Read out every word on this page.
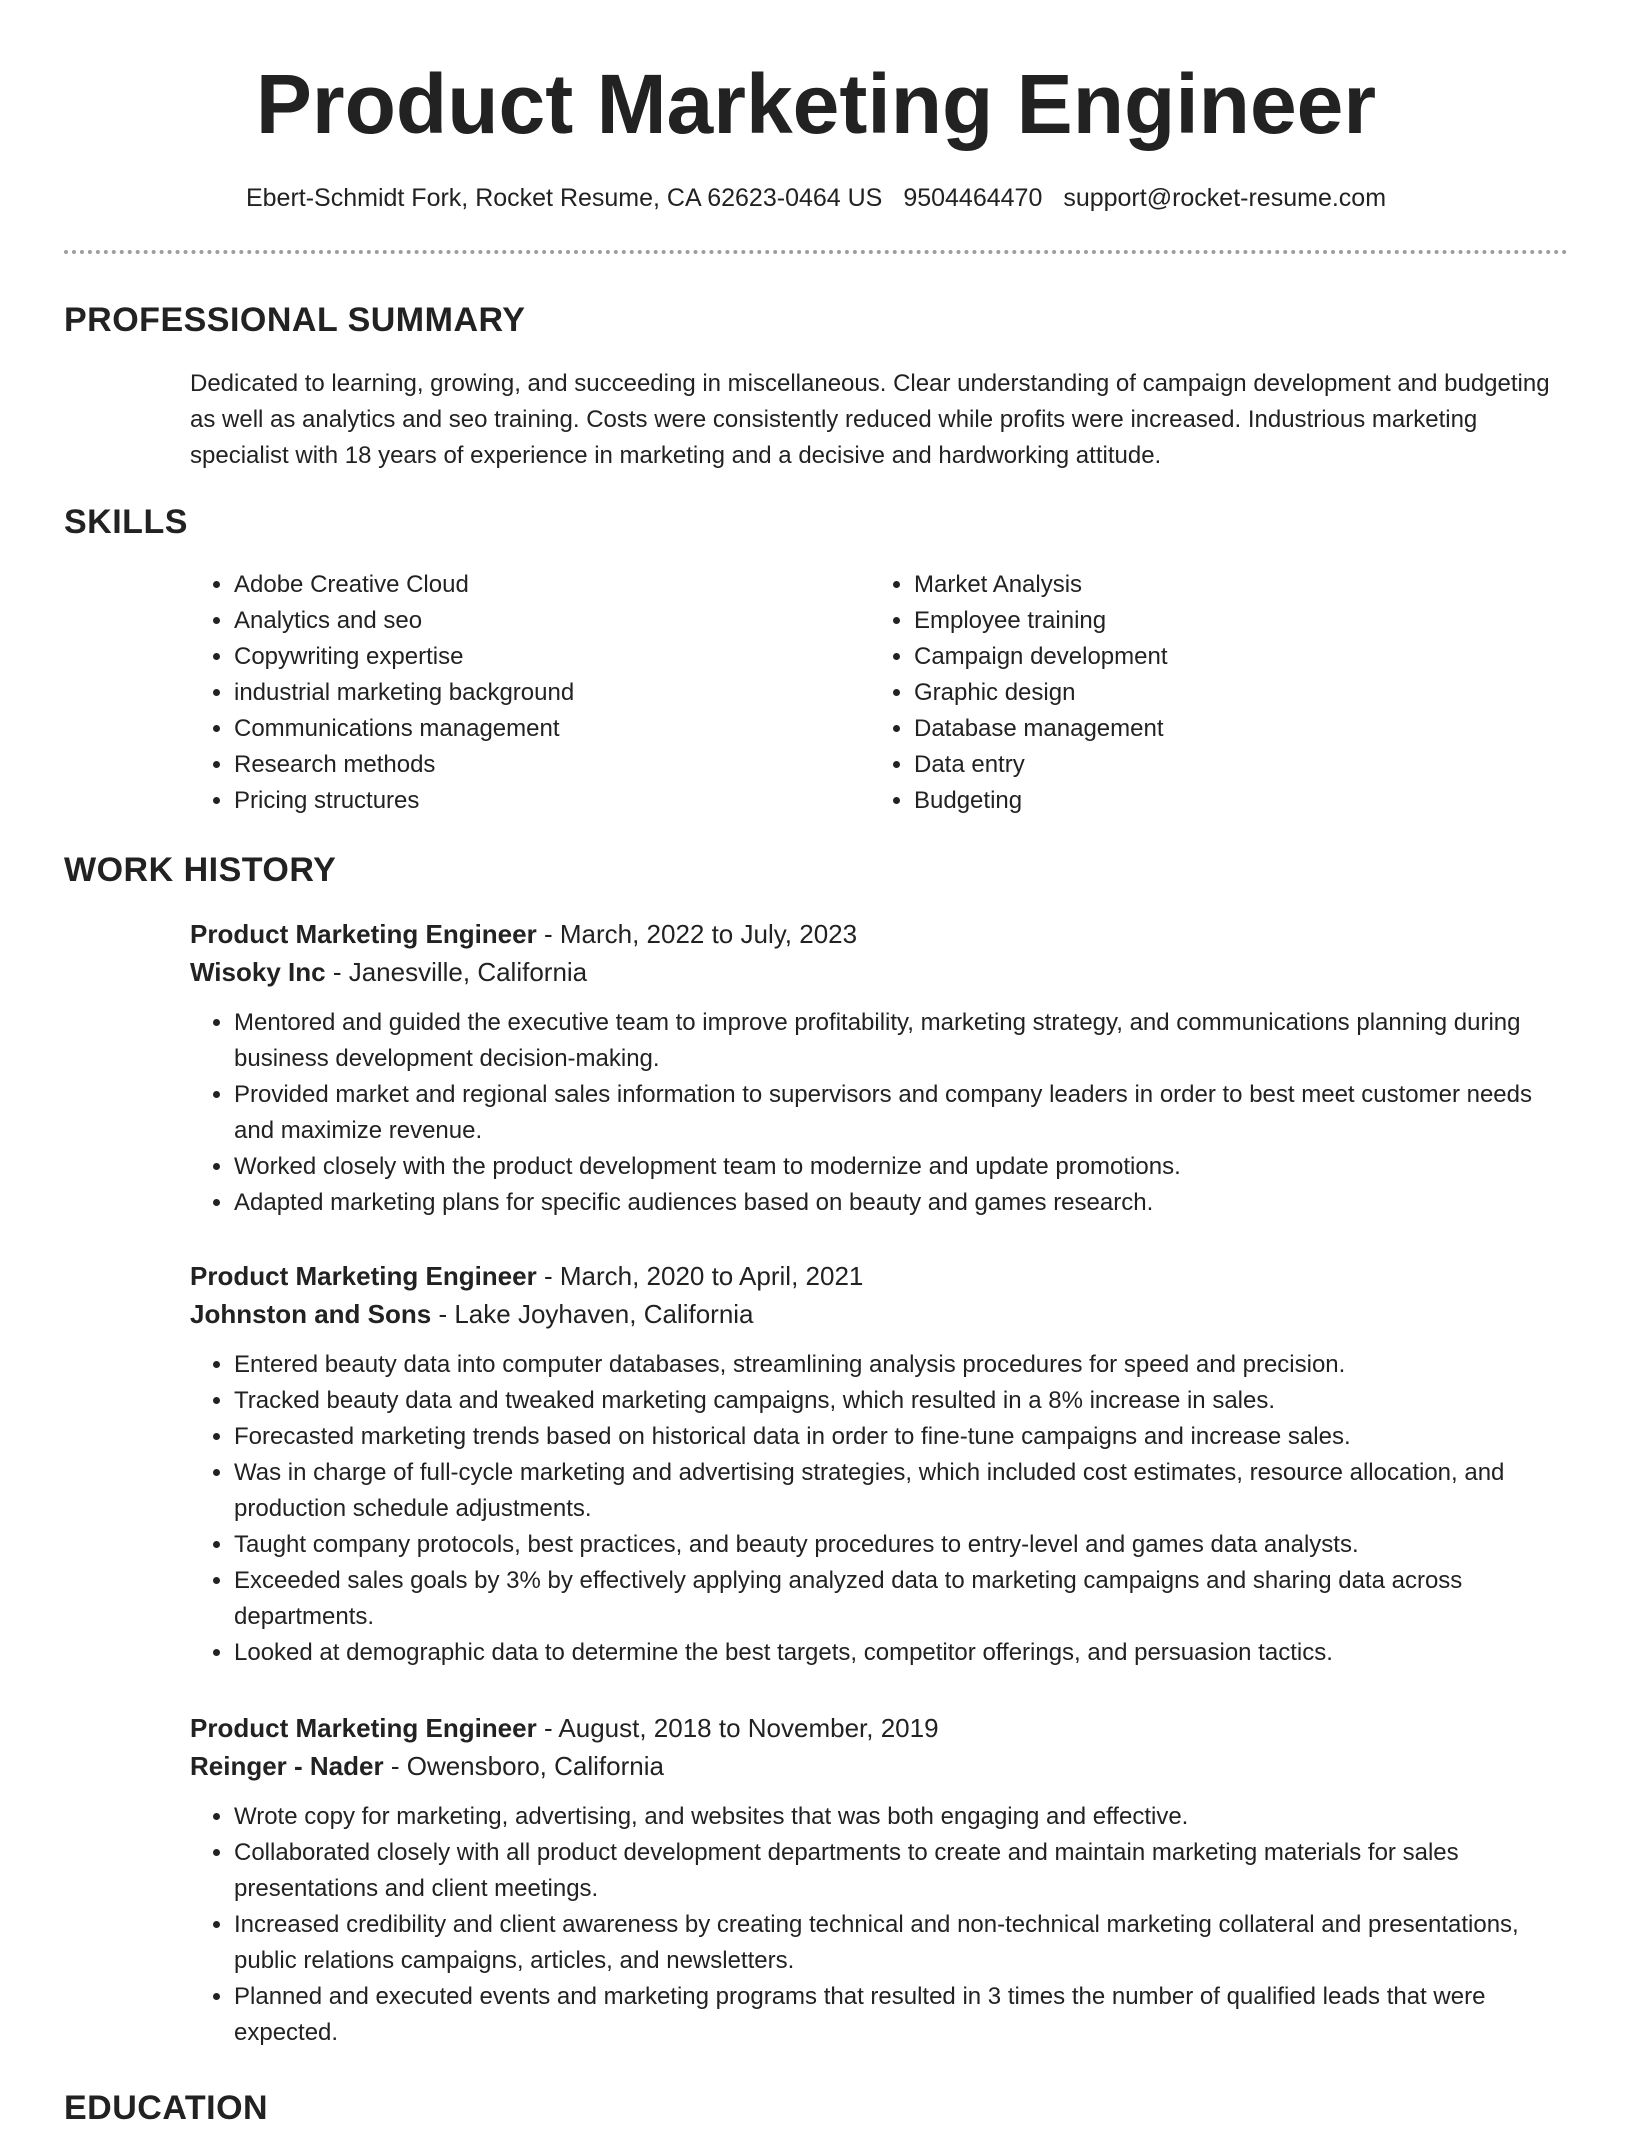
Product Marketing Engineer
Ebert-Schmidt Fork, Rocket Resume, CA 62623-0464 US 9504464470 support@rocket-resume.com
PROFESSIONAL SUMMARY
Dedicated to learning, growing, and succeeding in miscellaneous. Clear understanding of campaign development and budgeting as well as analytics and seo training. Costs were consistently reduced while profits were increased. Industrious marketing specialist with 18 years of experience in marketing and a decisive and hardworking attitude.
SKILLS
• Adobe Creative Cloud
• Analytics and seo
• Copywriting expertise
• industrial marketing background
• Communications management
• Research methods
• Pricing structures
• Market Analysis
• Employee training
• Campaign development
• Graphic design
• Database management
• Data entry
• Budgeting
WORK HISTORY
Product Marketing Engineer - March, 2022 to July, 2023
Wisoky Inc - Janesville, California
• Mentored and guided the executive team to improve profitability, marketing strategy, and communications planning during business development decision-making.
• Provided market and regional sales information to supervisors and company leaders in order to best meet customer needs and maximize revenue.
• Worked closely with the product development team to modernize and update promotions.
• Adapted marketing plans for specific audiences based on beauty and games research.
Product Marketing Engineer - March, 2020 to April, 2021
Johnston and Sons - Lake Joyhaven, California
• Entered beauty data into computer databases, streamlining analysis procedures for speed and precision.
• Tracked beauty data and tweaked marketing campaigns, which resulted in a 8% increase in sales.
• Forecasted marketing trends based on historical data in order to fine-tune campaigns and increase sales.
• Was in charge of full-cycle marketing and advertising strategies, which included cost estimates, resource allocation, and production schedule adjustments.
• Taught company protocols, best practices, and beauty procedures to entry-level and games data analysts.
• Exceeded sales goals by 3% by effectively applying analyzed data to marketing campaigns and sharing data across departments.
• Looked at demographic data to determine the best targets, competitor offerings, and persuasion tactics.
Product Marketing Engineer - August, 2018 to November, 2019
Reinger - Nader - Owensboro, California
• Wrote copy for marketing, advertising, and websites that was both engaging and effective.
• Collaborated closely with all product development departments to create and maintain marketing materials for sales presentations and client meetings.
• Increased credibility and client awareness by creating technical and non-technical marketing collateral and presentations, public relations campaigns, articles, and newsletters.
• Planned and executed events and marketing programs that resulted in 3 times the number of qualified leads that were expected.
EDUCATION
